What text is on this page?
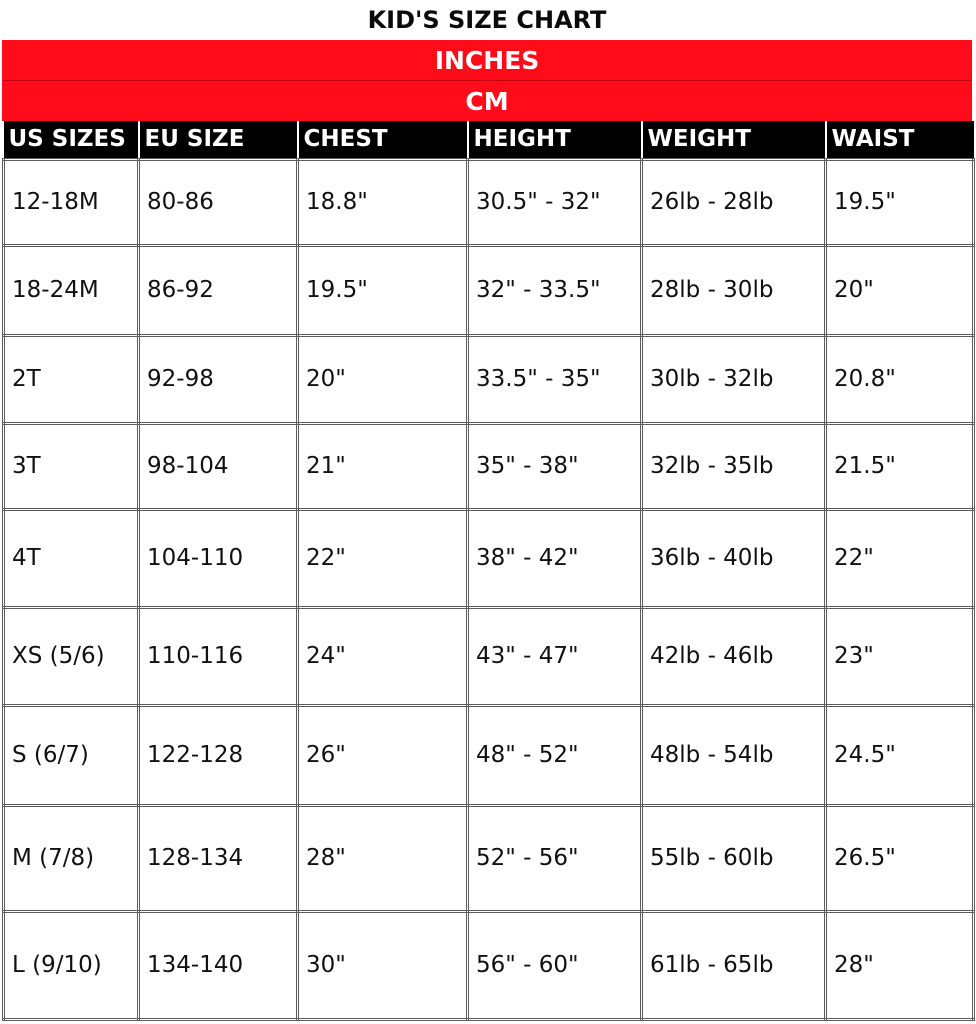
KID'S SIZE CHART
INCHES
CM
US SIZES	EU SIZE	CHEST	HEIGHT	WEIGHT	WAIST
12-18M	80-86	18.8"	30.5" - 32"	26lb - 28lb	19.5"
18-24M	86-92	19.5"	32" - 33.5"	28lb - 30lb	20"
2T	92-98	20"	33.5" - 35"	30lb - 32lb	20.8"
3T	98-104	21"	35" - 38"	32lb - 35lb	21.5"
4T	104-110	22"	38" - 42"	36lb - 40lb	22"
XS (5/6)	110-116	24"	43" - 47"	42lb - 46lb	23"
S (6/7)	122-128	26"	48" - 52"	48lb - 54lb	24.5"
M (7/8)	128-134	28"	52" - 56"	55lb - 60lb	26.5"
L (9/10)	134-140	30"	56" - 60"	61lb - 65lb	28"
